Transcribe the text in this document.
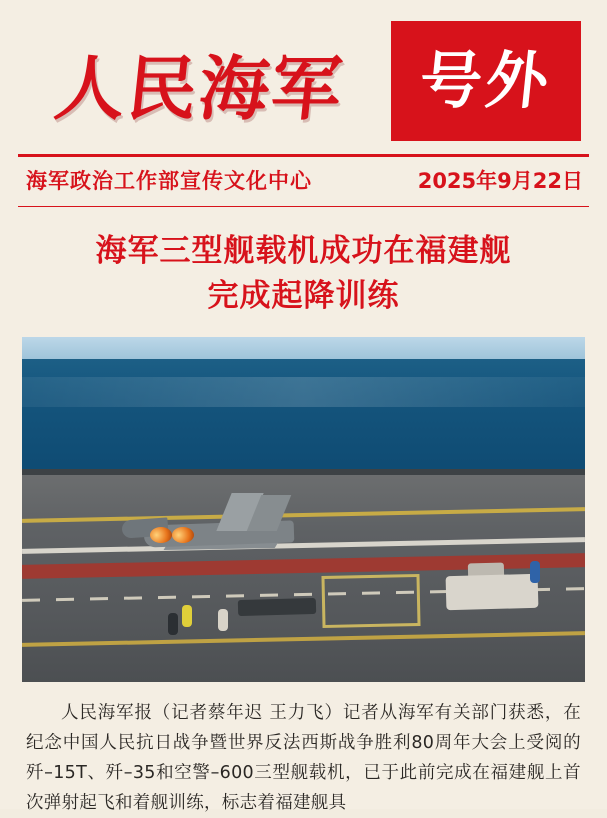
人民海军	号外
海军政治工作部宣传文化中心	2025年9月22日
海军三型舰载机成功在福建舰
完成起降训练
人民海军报（记者蔡年迟 王力飞）记者从海军有关部门获悉，在纪念中国人民抗日战争暨世界反法西斯战争胜利80周年大会上受阅的歼–15T、歼–35和空警–600三型舰载机，已于此前完成在福建舰上首次弹射起飞和着舰训练，标志着福建舰具
